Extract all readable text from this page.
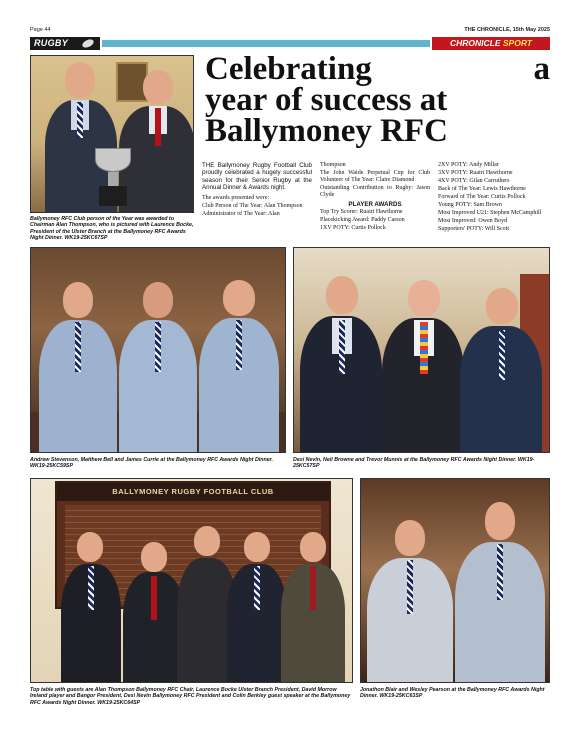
Page 44	THE CHRONICLE, 15th May 2025
RUGBY	CHRONICLE SPORT
Ballymoney RFC Club person of the Year was awarded to Chairman Alan Thompson, who is pictured with Laurence Bocke, President of the Ulster Branch at the Ballymoney RFC Awards Night Dinner. WK19-25KC67SP
Celebrating	a
year of success at
Ballymoney RFC

THE Ballymoney Rugby Football Club proudly celebrated a hugely successful season for their Senior Rugby at the Annual Dinner & Awards night.

The awards presented were:

Club Person of The Year: Alan Thompson

Administrator of The Year: Alan

Thompson

The John Waide Perpetual Cup for Club Volunteer of The Year: Claire Diamond

Outstanding Contribution to Rugby: Jason Clyde

PLAYER AWARDS

Top Try Scorer: Ruairi Hawthorne

Placekicking Award: Paddy Carson

1XV POTY: Curtis Pollock

2XV POTY: Andy Millar

3XV POTY: Ruairi Hawthorne

4XV POTY: Gilan Carruthers

Back of The Year: Lewis Hawthorne

Forward of The Year: Curtis Pollock

Young POTY: Sam Brown

Most Improved U21: Stephen McCamphill

Most Improved: Owen Boyd

Supporters' POTY: Will Scott

Andrew Stevenson, Matthew Bell and James Currie at the Ballymoney RFC Awards Night Dinner. WK19-25KC59SP
Desi Nevin, Neil Browne and Trevor Munnis at the Ballymoney RFC Awards Night Dinner. WK19-25KC57SP
BALLYMONEY RUGBY FOOTBALL CLUB
Top table with guests are Alan Thompson Ballymoney RFC Chair, Laurence Bocke Ulster Branch President, David Morrow Ireland player and Bangor President, Desi Nevin Ballymoney RFC President and Colin Berkley guest speaker at the Ballymoney RFC Awards Night Dinner. WK19-25KC64SP
Jonathon Blair and Wesley Pearson at the Ballymoney RFC Awards Night Dinner. WK19-25KC63SP
